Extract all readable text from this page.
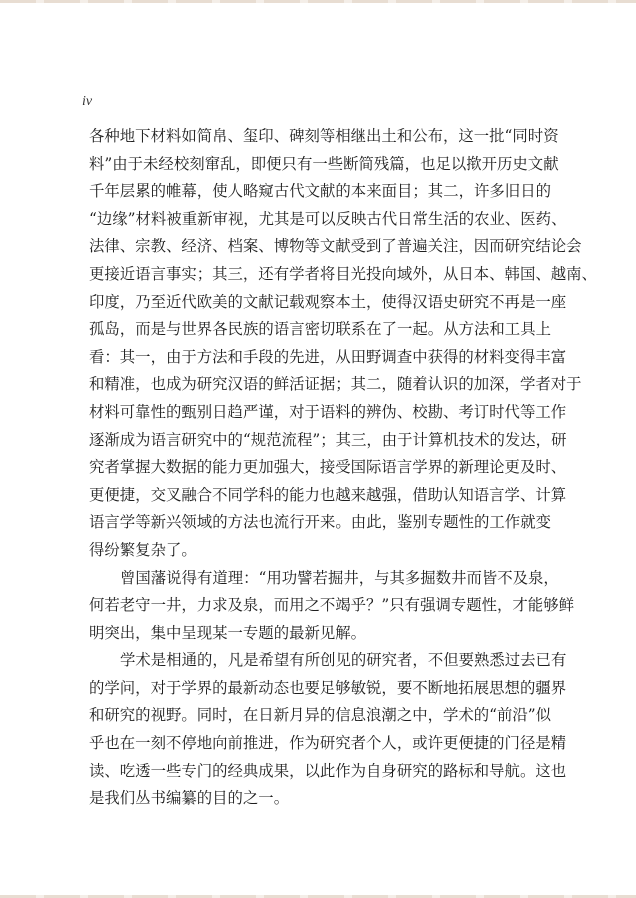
iv
各种地下材料如简帛、玺印、碑刻等相继出土和公布，这一批“同时资
料”由于未经校刻窜乱，即便只有一些断简残篇，也足以揿开历史文献
千年层累的帷幕，使人略窥古代文献的本来面目；其二，许多旧日的
“边缘”材料被重新审视，尤其是可以反映古代日常生活的农业、医药、
法律、宗教、经济、档案、博物等文献受到了普遍关注，因而研究结论会
更接近语言事实；其三，还有学者将目光投向域外，从日本、韩国、越南、
印度，乃至近代欧美的文献记载观察本土，使得汉语史研究不再是一座
孤岛，而是与世界各民族的语言密切联系在了一起。从方法和工具上
看：其一，由于方法和手段的先进，从田野调查中获得的材料变得丰富
和精准，也成为研究汉语的鲜活证据；其二，随着认识的加深，学者对于
材料可靠性的甄别日趋严谨，对于语料的辨伪、校勘、考订时代等工作
逐渐成为语言研究中的“规范流程”；其三，由于计算机技术的发达，研
究者掌握大数据的能力更加强大，接受国际语言学界的新理论更及时、
更便捷，交叉融合不同学科的能力也越来越强，借助认知语言学、计算
语言学等新兴领域的方法也流行开来。由此，鉴别专题性的工作就变
得纷繁复杂了。
曾国藩说得有道理：“用功譬若掘井，与其多掘数井而皆不及泉，
何若老守一井，力求及泉，而用之不竭乎？”只有强调专题性，才能够鲜
明突出，集中呈现某一专题的最新见解。
学术是相通的，凡是希望有所创见的研究者，不但要熟悉过去已有
的学问，对于学界的最新动态也要足够敏锐，要不断地拓展思想的疆界
和研究的视野。同时，在日新月异的信息浪潮之中，学术的“前沿”似
乎也在一刻不停地向前推进，作为研究者个人，或许更便捷的门径是精
读、吃透一些专门的经典成果，以此作为自身研究的路标和导航。这也
是我们丛书编纂的目的之一。
